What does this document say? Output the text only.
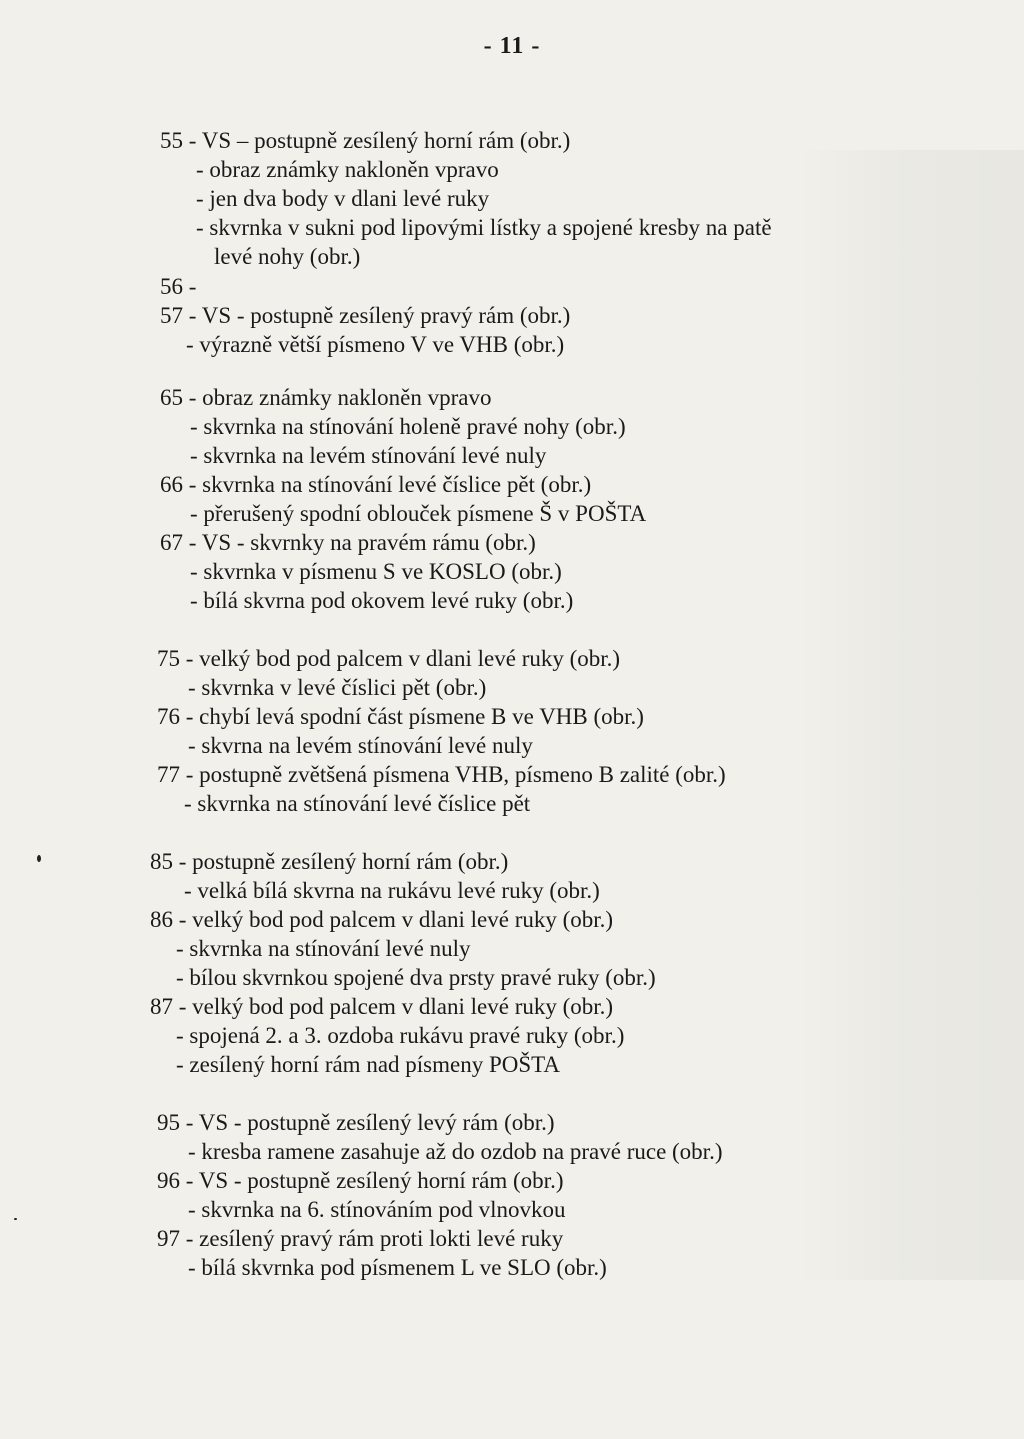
- 11 -
55 - VS – postupně zesílený horní rám (obr.)
- obraz známky nakloněn vpravo
- jen dva body v dlani levé ruky
- skvrnka v sukni pod lipovými lístky a spojené kresby na patě
levé nohy (obr.)
56 -
57 - VS - postupně zesílený pravý rám (obr.)
- výrazně větší písmeno V ve VHB (obr.)
65 - obraz známky nakloněn vpravo
- skvrnka na stínování holeně pravé nohy (obr.)
- skvrnka na levém stínování levé nuly
66 - skvrnka na stínování levé číslice pět (obr.)
- přerušený spodní oblouček písmene Š v POŠTA
67 - VS - skvrnky na pravém rámu (obr.)
- skvrnka v písmenu S ve KOSLO (obr.)
- bílá skvrna pod okovem levé ruky (obr.)
75 - velký bod pod palcem v dlani levé ruky (obr.)
- skvrnka v levé číslici pět (obr.)
76 - chybí levá spodní část písmene B ve VHB (obr.)
- skvrna na levém stínování levé nuly
77 - postupně zvětšená písmena VHB, písmeno B zalité (obr.)
- skvrnka na stínování levé číslice pět
85 - postupně zesílený horní rám (obr.)
- velká bílá skvrna na rukávu levé ruky (obr.)
86 - velký bod pod palcem v dlani levé ruky (obr.)
- skvrnka na stínování levé nuly
- bílou skvrnkou spojené dva prsty pravé ruky (obr.)
87 - velký bod pod palcem v dlani levé ruky (obr.)
- spojená 2. a 3. ozdoba rukávu pravé ruky (obr.)
- zesílený horní rám nad písmeny POŠTA
95 - VS - postupně zesílený levý rám (obr.)
- kresba ramene zasahuje až do ozdob na pravé ruce (obr.)
96 - VS - postupně zesílený horní rám (obr.)
- skvrnka na 6. stínováním pod vlnovkou
97 - zesílený pravý rám proti lokti levé ruky
- bílá skvrnka pod písmenem L ve SLO (obr.)
